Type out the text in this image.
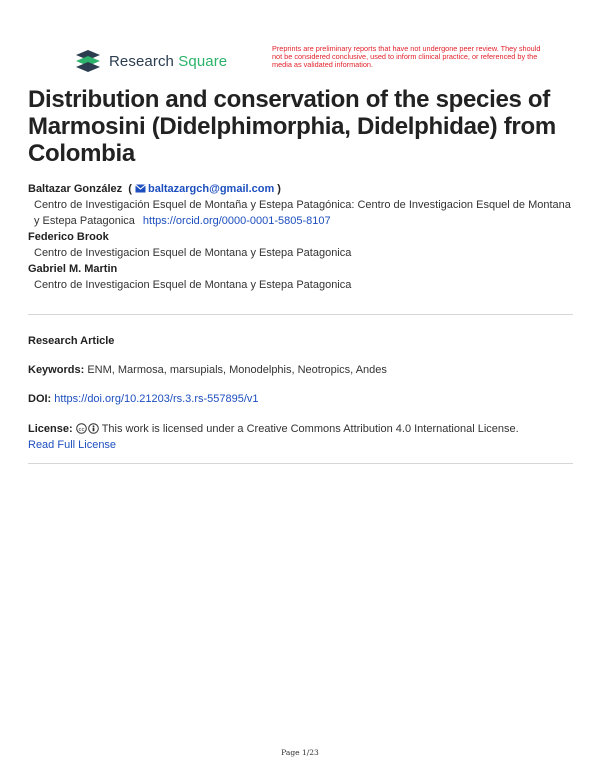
Research Square
Preprints are preliminary reports that have not undergone peer review. They should not be considered conclusive, used to inform clinical practice, or referenced by the media as validated information.
Distribution and conservation of the species of Marmosini (Didelphimorphia, Didelphidae) from Colombia
Baltazar González  ( baltazargch@gmail.com )
Centro de Investigación Esquel de Montaña y Estepa Patagónica: Centro de Investigacion Esquel de Montana y Estepa Patagonica https://orcid.org/0000-0001-5805-8107
Federico Brook
Centro de Investigacion Esquel de Montana y Estepa Patagonica
Gabriel M. Martin
Centro de Investigacion Esquel de Montana y Estepa Patagonica
Research Article
Keywords: ENM, Marmosa, marsupials, Monodelphis, Neotropics, Andes
DOI: https://doi.org/10.21203/rs.3.rs-557895/v1
License: cc This work is licensed under a Creative Commons Attribution 4.0 International License.
Read Full License
Page 1/23
